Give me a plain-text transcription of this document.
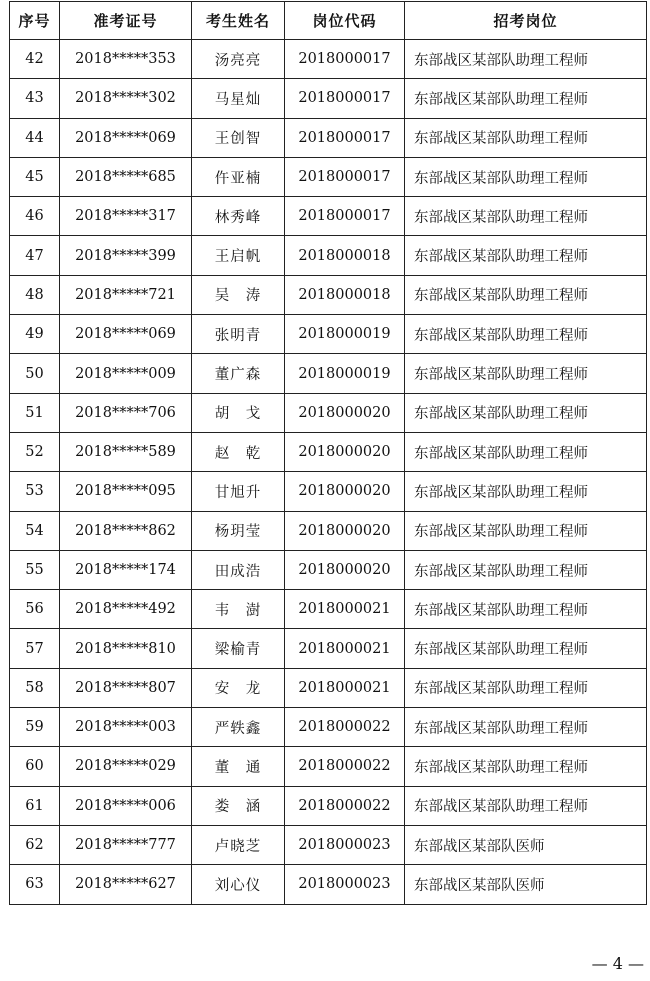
序号	准考证号	考生姓名	岗位代码	招考岗位
42	2018*****353	汤亮亮	2018000017	东部战区某部队助理工程师
43	2018*****302	马星灿	2018000017	东部战区某部队助理工程师
44	2018*****069	王创智	2018000017	东部战区某部队助理工程师
45	2018*****685	仵亚楠	2018000017	东部战区某部队助理工程师
46	2018*****317	林秀峰	2018000017	东部战区某部队助理工程师
47	2018*****399	王启帆	2018000018	东部战区某部队助理工程师
48	2018*****721	吴　涛	2018000018	东部战区某部队助理工程师
49	2018*****069	张明青	2018000019	东部战区某部队助理工程师
50	2018*****009	董广森	2018000019	东部战区某部队助理工程师
51	2018*****706	胡　戈	2018000020	东部战区某部队助理工程师
52	2018*****589	赵　乾	2018000020	东部战区某部队助理工程师
53	2018*****095	甘旭升	2018000020	东部战区某部队助理工程师
54	2018*****862	杨玥莹	2018000020	东部战区某部队助理工程师
55	2018*****174	田成浩	2018000020	东部战区某部队助理工程师
56	2018*****492	韦　澍	2018000021	东部战区某部队助理工程师
57	2018*****810	梁榆青	2018000021	东部战区某部队助理工程师
58	2018*****807	安　龙	2018000021	东部战区某部队助理工程师
59	2018*****003	严轶鑫	2018000022	东部战区某部队助理工程师
60	2018*****029	董　通	2018000022	东部战区某部队助理工程师
61	2018*****006	娄　涵	2018000022	东部战区某部队助理工程师
62	2018*****777	卢晓芝	2018000023	东部战区某部队医师
63	2018*****627	刘心仪	2018000023	东部战区某部队医师
— 4 —
